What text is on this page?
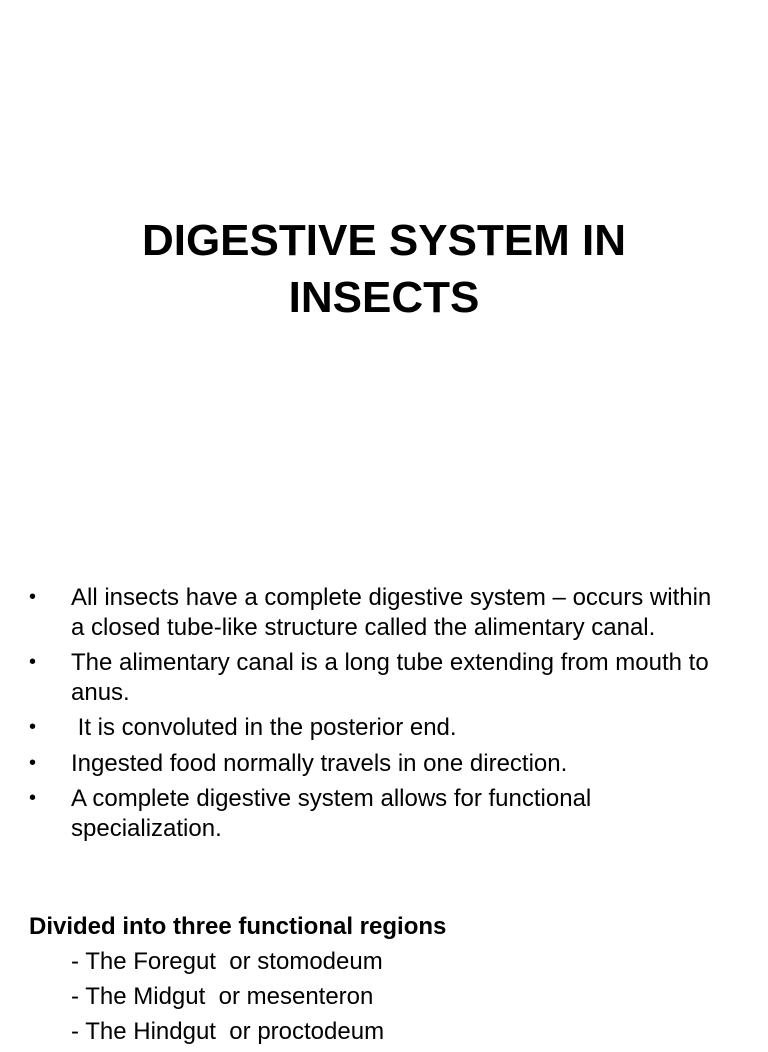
DIGESTIVE SYSTEM IN
INSECTS
• All insects have a complete digestive system – occurs within a closed tube-like structure called the alimentary canal.
• The alimentary canal is a long tube extending from mouth to anus.
• It is convoluted in the posterior end.
• Ingested food normally travels in one direction.
• A complete digestive system allows for functional specialization.
Divided into three functional regions
- The Foregut  or stomodeum
- The Midgut  or mesenteron
- The Hindgut  or proctodeum
